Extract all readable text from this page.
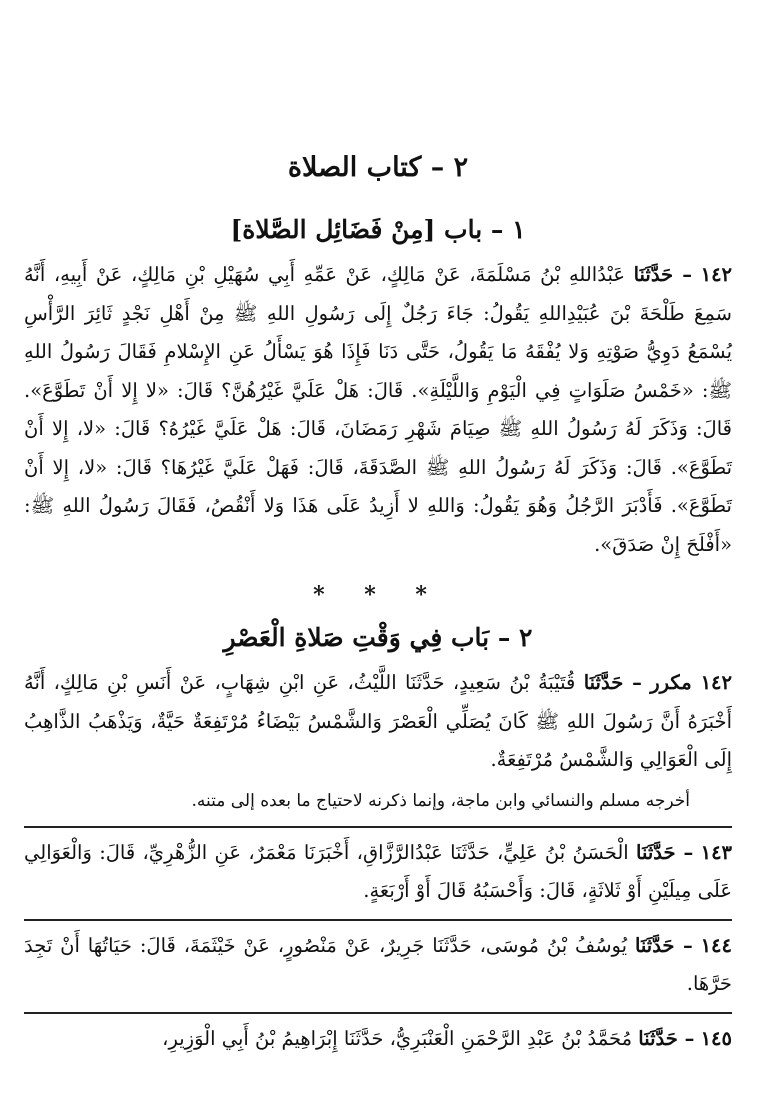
٢ – كتاب الصلاة
١ – باب [مِنْ فَضَائِل الصَّلاة]

١٤٢ – حَدَّثَنَا عَبْدُاللهِ بْنُ مَسْلَمَةَ، عَنْ مَالِكٍ، عَنْ عَمِّهِ أَبِي سُهَيْلِ بْنِ مَالِكٍ، عَنْ أَبِيهِ، أَنَّهُ سَمِعَ طَلْحَةَ بْنَ عُبَيْدِاللهِ يَقُولُ: جَاءَ رَجُلٌ إِلَى رَسُولِ اللهِ ﷺ مِنْ أَهْلِ نَجْدٍ ثَائِرَ الرَّأْسِ يُسْمَعُ دَوِيُّ صَوْتِهِ وَلا يُفْقَهُ مَا يَقُولُ، حَتَّى دَنَا فَإِذَا هُوَ يَسْأَلُ عَنِ الإِسْلامِ فَقَالَ رَسُولُ اللهِ ﷺ: «خَمْسُ صَلَوَاتٍ فِي الْيَوْمِ وَاللَّيْلَةِ». قَالَ: هَلْ عَلَيَّ غَيْرُهُنَّ؟ قَالَ: «لا إِلا أَنْ تَطَوَّعَ». قَالَ: وَذَكَرَ لَهُ رَسُولُ اللهِ ﷺ صِيَامَ شَهْرِ رَمَضَانَ، قَالَ: هَلْ عَلَيَّ غَيْرُهُ؟ قَالَ: «لا، إِلا أَنْ تَطَوَّعَ». قَالَ: وَذَكَرَ لَهُ رَسُولُ اللهِ ﷺ الصَّدَقَةَ، قَالَ: فَهَلْ عَلَيَّ غَيْرُهَا؟ قَالَ: «لا، إِلا أَنْ تَطَوَّعَ». فَأَدْبَرَ الرَّجُلُ وَهُوَ يَقُولُ: وَاللهِ لا أَزِيدُ عَلَى هَذَا وَلا أَنْقُصُ، فَقَالَ رَسُولُ اللهِ ﷺ: «أَفْلَحَ إِنْ صَدَقَ».

* * *
٢ – بَاب فِي وَقْتِ صَلاةِ الْعَصْرِ

١٤٢ مكرر – حَدَّثَنَا قُتَيْبَةُ بْنُ سَعِيدٍ، حَدَّثَنَا اللَّيْثُ، عَنِ ابْنِ شِهَابٍ، عَنْ أَنَسِ بْنِ مَالِكٍ، أَنَّهُ أَخْبَرَهُ أَنَّ رَسُولَ اللهِ ﷺ كَانَ يُصَلِّي الْعَصْرَ وَالشَّمْسُ بَيْضَاءُ مُرْتَفِعَةٌ حَيَّةٌ، وَيَذْهَبُ الذَّاهِبُ إِلَى الْعَوَالِي وَالشَّمْسُ مُرْتَفِعَةٌ.

أخرجه مسلم والنسائي وابن ماجة، وإنما ذكرنه لاحتياج ما بعده إلى متنه.

١٤٣ – حَدَّثَنَا الْحَسَنُ بْنُ عَلِيٍّ، حَدَّثَنَا عَبْدُالرَّزَّاقِ، أَخْبَرَنَا مَعْمَرٌ، عَنِ الزُّهْرِيِّ، قَالَ: وَالْعَوَالِي عَلَى مِيلَيْنِ أَوْ ثَلاثَةٍ، قَالَ: وَأَحْسَبُهُ قَالَ أَوْ أَرْبَعَةٍ.

١٤٤ – حَدَّثَنَا يُوسُفُ بْنُ مُوسَى، حَدَّثَنَا جَرِيرٌ، عَنْ مَنْصُورٍ، عَنْ خَيْثَمَةَ، قَالَ: حَيَاتُهَا أَنْ تَجِدَ حَرَّهَا.

١٤٥ – حَدَّثَنَا مُحَمَّدُ بْنُ عَبْدِ الرَّحْمَنِ الْعَنْبَرِيُّ، حَدَّثَنَا إِبْرَاهِيمُ بْنُ أَبِي الْوَزِيرِ،
